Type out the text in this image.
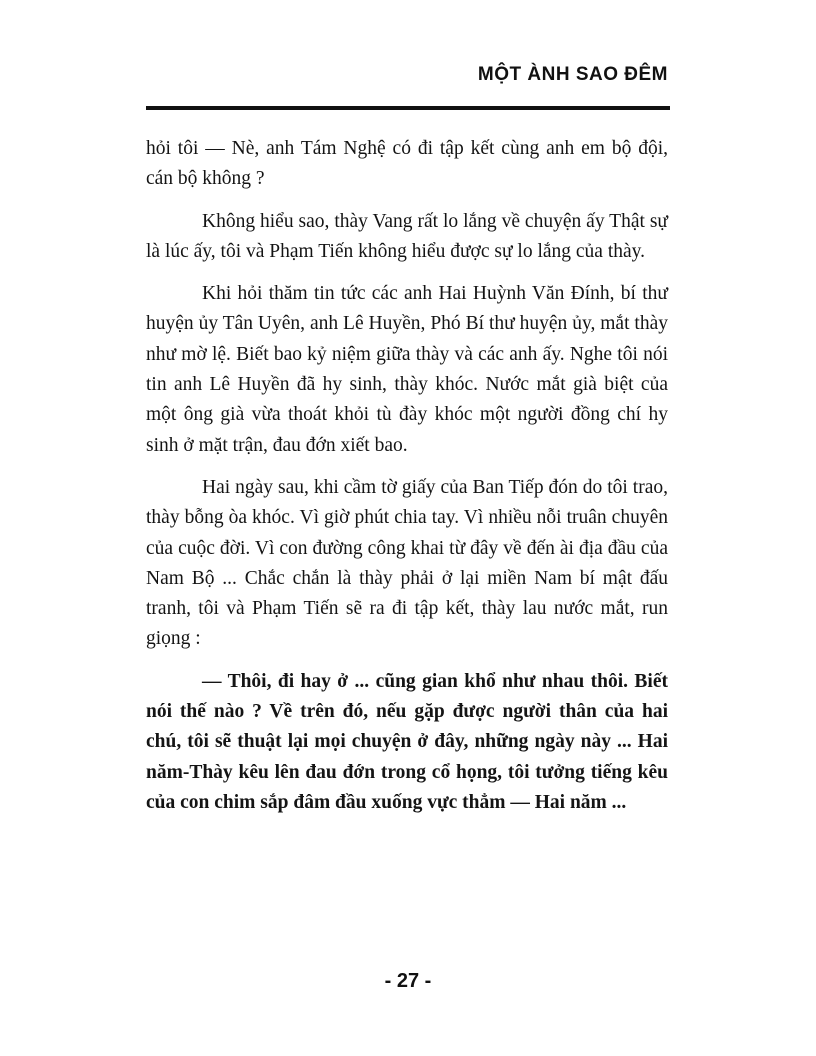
MỘT ÀNH SAO ĐÊM

hỏi tôi — Nè, anh Tám Nghệ có đi tập kết cùng anh em bộ đội, cán bộ không ?

Không hiểu sao, thày Vang rất lo lắng về chuyện ấy Thật sự là lúc ấy, tôi và Phạm Tiến không hiểu được sự lo lắng của thày.

Khi hỏi thăm tin tức các anh Hai Huỳnh Văn Đính, bí thư huyện ủy Tân Uyên, anh Lê Huyền, Phó Bí thư huyện ủy, mắt thày như mờ lệ. Biết bao kỷ niệm giữa thày và các anh ấy. Nghe tôi nói tin anh Lê Huyền đã hy sinh, thày khóc. Nước mắt già biệt của một ông già vừa thoát khỏi tù đày khóc một người đồng chí hy sinh ở mặt trận, đau đớn xiết bao.

Hai ngày sau, khi cầm tờ giấy của Ban Tiếp đón do tôi trao, thày bỗng òa khóc. Vì giờ phút chia tay. Vì nhiều nỗi truân chuyên của cuộc đời. Vì con đường công khai từ đây về đến ài địa đầu của Nam Bộ ... Chắc chắn là thày phải ở lại miền Nam bí mật đấu tranh, tôi và Phạm Tiến sẽ ra đi tập kết, thày lau nước mắt, run giọng :

— Thôi, đi hay ở ... cũng gian khổ như nhau thôi. Biết nói thế nào ? Về trên đó, nếu gặp được người thân của hai chú, tôi sẽ thuật lại mọi chuyện ở đây, những ngày này ... Hai năm-Thày kêu lên đau đớn trong cổ họng, tôi tưởng tiếng kêu của con chim sắp đâm đầu xuống vực thẳm — Hai năm ...

- 27 -
